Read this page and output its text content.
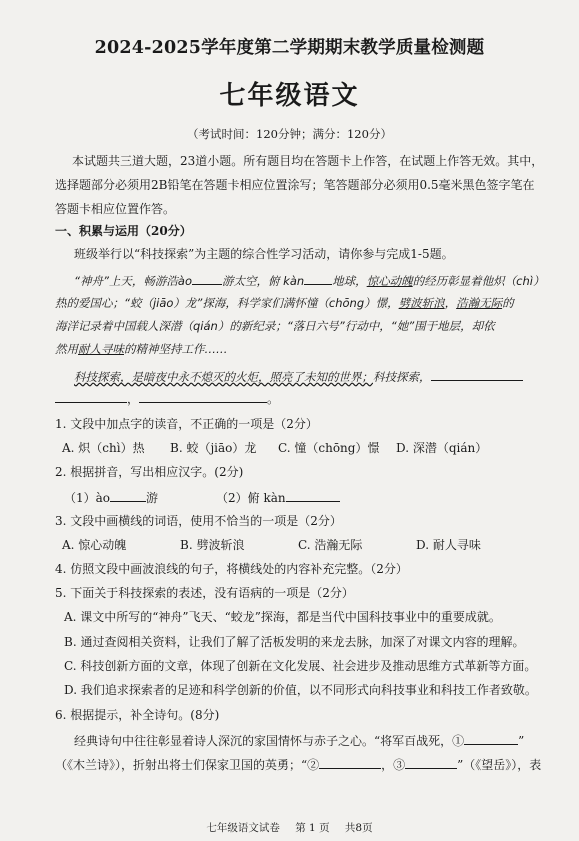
2024-2025学年度第二学期期末教学质量检测题
七年级语文
（考试时间：120分钟；满分：120分）
本试题共三道大题，23道小题。所有题目均在答题卡上作答，在试题上作答无效。其中，
选择题部分必须用2B铅笔在答题卡相应位置涂写；笔答题部分必须用0.5毫米黑色签字笔在
答题卡相应位置作答。
一、积累与运用（20分）
班级举行以“科技探索”为主题的综合性学习活动，请你参与完成1-5题。
“神舟”上天，畅游浩ào	游太空，俯 kàn 地球，惊心动魄的经历彰显着他炽（chì）
热的爱国心；“蛟（jiāo）龙”探海，科学家们满怀憧（chōng）憬，劈波斩浪，浩瀚无际的
海洋记录着中国载人深潜（qián）的新纪录；“落日六号”行动中，“她”围于地层，却依
然用耐人寻味的精神坚持工作……
科技探索，是暗夜中永不熄灭的火炬，照亮了未知的世界；科技探索，
，	。
1. 文段中加点字的读音，不正确的一项是（2分）
A. 炽（chì）热 B. 蛟（jiāo）龙 C. 憧（chōng）憬 D. 深潜（qián）
2. 根据拼音，写出相应汉字。(2分)
（1）ào	游	（2）俯 kàn
3. 文段中画横线的词语，使用不恰当的一项是（2分）
A. 惊心动魄	B. 劈波斩浪	C. 浩瀚无际	D. 耐人寻味
4. 仿照文段中画波浪线的句子，将横线处的内容补充完整。（2分）
5. 下面关于科技探索的表述，没有语病的一项是（2分）
A. 课文中所写的“神舟”飞天、“蛟龙”探海，都是当代中国科技事业中的重要成就。
B. 通过查阅相关资料，让我们了解了活板发明的来龙去脉，加深了对课文内容的理解。
C. 科技创新方面的文章，体现了创新在文化发展、社会进步及推动思维方式革新等方面。
D. 我们追求探索者的足迹和科学创新的价值，以不同形式向科技事业和科技工作者致敬。
6. 根据提示，补全诗句。(8分)
经典诗句中往往彰显着诗人深沉的家国情怀与赤子之心。“将军百战死，①	”
（《木兰诗》），折射出将士们保家卫国的英勇；“②	，③	”（《望岳》），表
七年级语文试卷 第 1 页 共8页
